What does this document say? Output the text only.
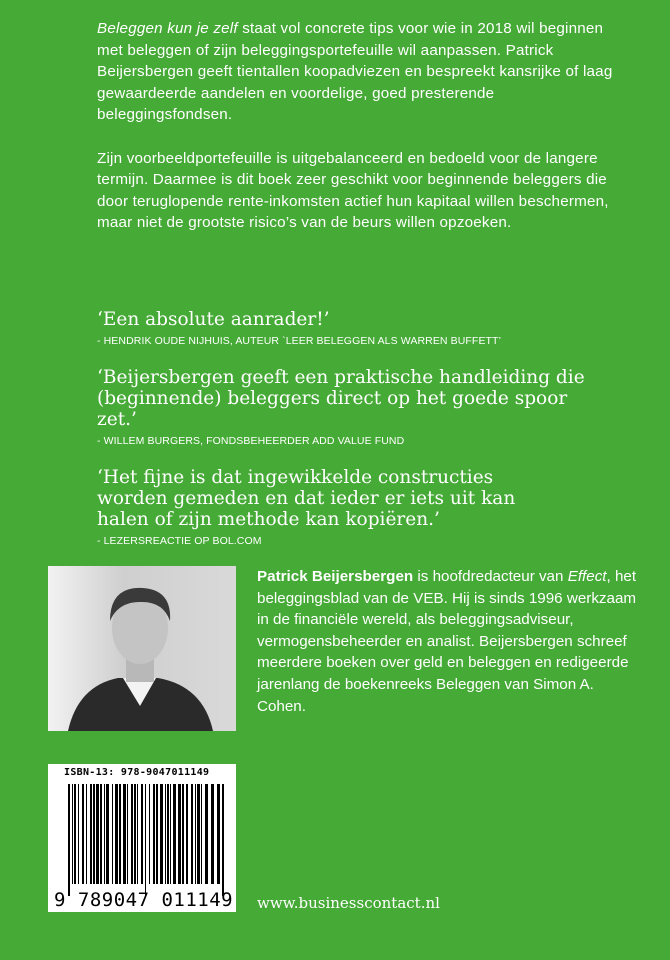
Beleggen kun je zelf staat vol concrete tips voor wie in 2018 wil beginnen met beleggen of zijn beleggingsportefeuille wil aanpassen. Patrick Beijersbergen geeft tientallen koopadviezen en bespreekt kansrijke of laag gewaardeerde aandelen en voordelige, goed presterende beleggingsfondsen.

Zijn voorbeeldportefeuille is uitgebalanceerd en bedoeld voor de langere termijn. Daarmee is dit boek zeer geschikt voor beginnende beleggers die door teruglopende rente-inkomsten actief hun kapitaal willen beschermen, maar niet de grootste risico’s van de beurs willen opzoeken.

‘Een absolute aanrader!’

- HENDRIK OUDE NIJHUIS, AUTEUR `LEER BELEGGEN ALS WARREN BUFFETT’

‘Beijersbergen geeft een praktische handleiding die (beginnende) beleggers direct op het goede spoor zet.’

- WILLEM BURGERS, FONDSBEHEERDER ADD VALUE FUND

‘Het fijne is dat ingewikkelde constructies worden gemeden en dat ieder er iets uit kan halen of zijn methode kan kopiëren.’

- LEZERSREACTIE OP BOL.COM

Patrick Beijersbergen is hoofdredacteur van Effect, het beleggingsblad van de VEB. Hij is sinds 1996 werkzaam in de financiële wereld, als beleggingsadviseur, vermogensbeheerder en analist. Beijersbergen schreef meerdere boeken over geld en beleggen en redigeerde jarenlang de boekenreeks Beleggen van Simon A. Cohen.
ISBN-13: 978-9047011149
9 789047 011149 www.businesscontact.nl
